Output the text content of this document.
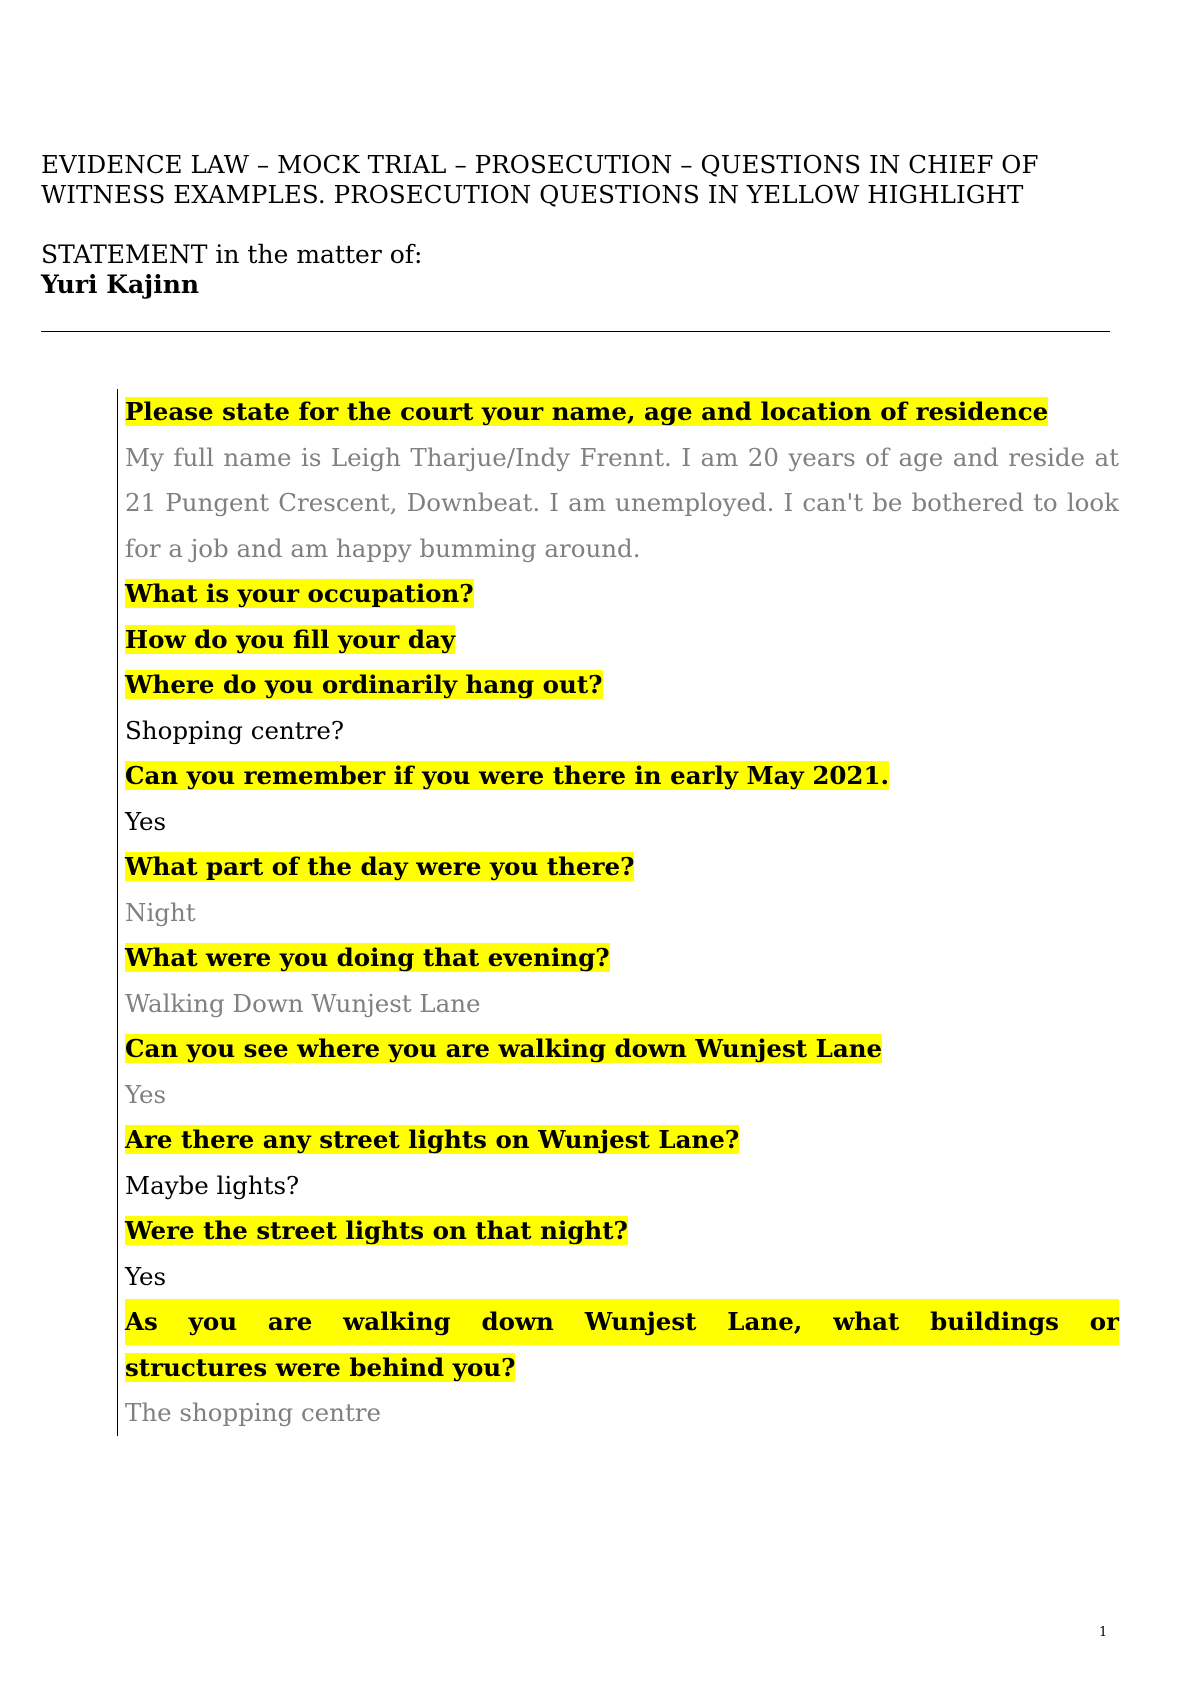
EVIDENCE LAW – MOCK TRIAL – PROSECUTION – QUESTIONS IN CHIEF OF
WITNESS EXAMPLES. PROSECUTION QUESTIONS IN YELLOW HIGHLIGHT
STATEMENT in the matter of:
Yuri Kajinn

Please state for the court your name, age and location of residence

My full name is Leigh Tharjue/Indy Frennt. I am 20 years of age and reside at 21 Pungent Crescent, Downbeat. I am unemployed. I can't be bothered to look for a job and am happy bumming around.

What is your occupation?

How do you fill your day

Where do you ordinarily hang out?

Shopping centre?

Can you remember if you were there in early May 2021.

Yes

What part of the day were you there?

Night

What were you doing that evening?

Walking Down Wunjest Lane

Can you see where you are walking down Wunjest Lane

Yes

Are there any street lights on Wunjest Lane?

Maybe lights?

Were the street lights on that night?

Yes

As you are walking down Wunjest Lane, what buildings or

structures were behind you?

The shopping centre

1
